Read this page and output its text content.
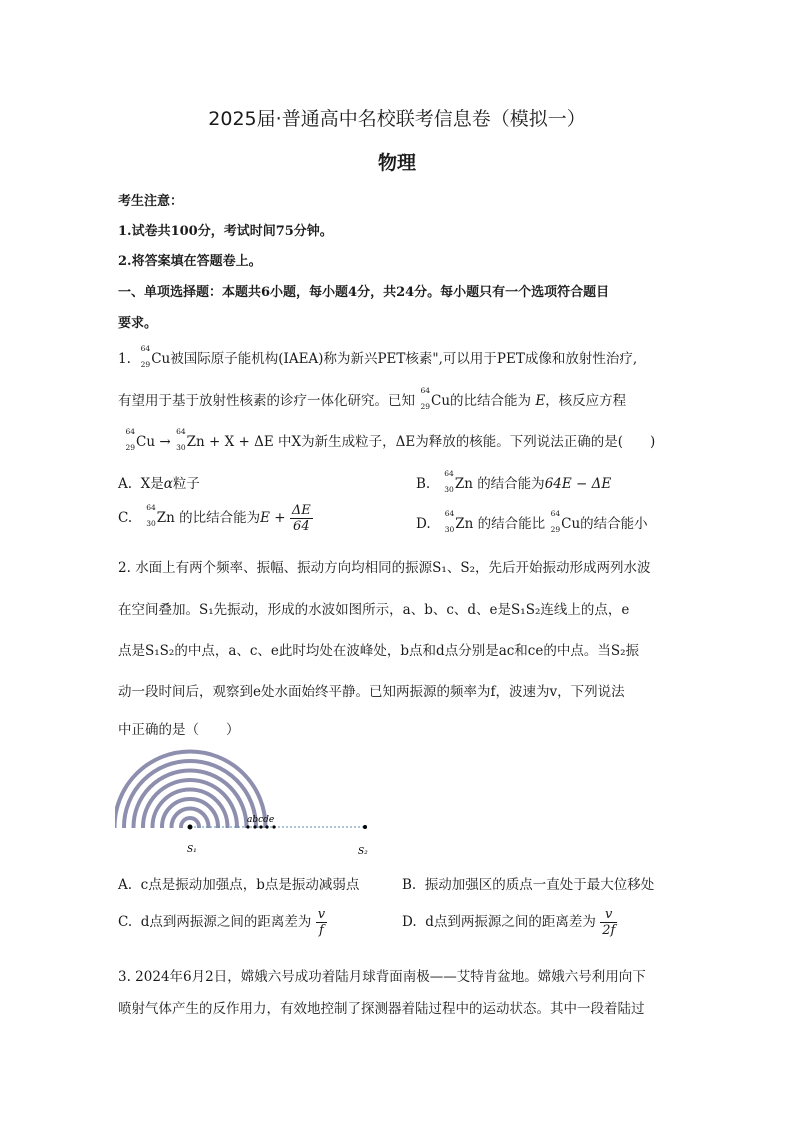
2025届·普通高中名校联考信息卷（模拟一）
物理
考生注意：
1.试卷共100分，考试时间75分钟。
2.将答案填在答题卷上。
一、单项选择题：本题共6小题，每小题4分，共24分。每小题只有一个选项符合题目
要求。
1.
64
29 Cu被国际原子能机构(IAEA)称为新兴PET核素",可以用于PET成像和放射性治疗,
有望用于基于放射性核素的诊疗一体化研究。已知
64
29 Cu的比结合能为 E，核反应方程
64
29 Cu →
64
30 Zn + X + ΔE 中X为新生成粒子，ΔE为释放的核能。下列说法正确的是(　　)
A. X是α粒子	B.
64
30 Zn 的结合能为64E − ΔE
C.
64
30 Zn 的比结合能为$E + \frac{\Delta E}{64}$	D.
64
30 Zn 的结合能比
64
29 Cu的结合能小
2. 水面上有两个频率、振幅、振动方向均相同的振源S₁、S₂，先后开始振动形成两列水波
在空间叠加。S₁先振动，形成的水波如图所示，a、b、c、d、e是S₁S₂连线上的点，e
点是S₁S₂的中点，a、c、e此时均处在波峰处，b点和d点分别是ac和ce的中点。当S₂振
动一段时间后，观察到e处水面始终平静。已知两振源的频率为f，波速为v，下列说法
中正确的是（　　）
abcde
S₁	S₂
A. c点是振动加强点，b点是振动减弱点	B. 振动加强区的质点一直处于最大位移处
C. d点到两振源之间的距离差为 $\frac{v}{f}$	D. d点到两振源之间的距离差为 $\frac{v}{2f}$
3. 2024年6月2日，嫦娥六号成功着陆月球背面南极——艾特肯盆地。嫦娥六号利用向下
喷射气体产生的反作用力，有效地控制了探测器着陆过程中的运动状态。其中一段着陆过
